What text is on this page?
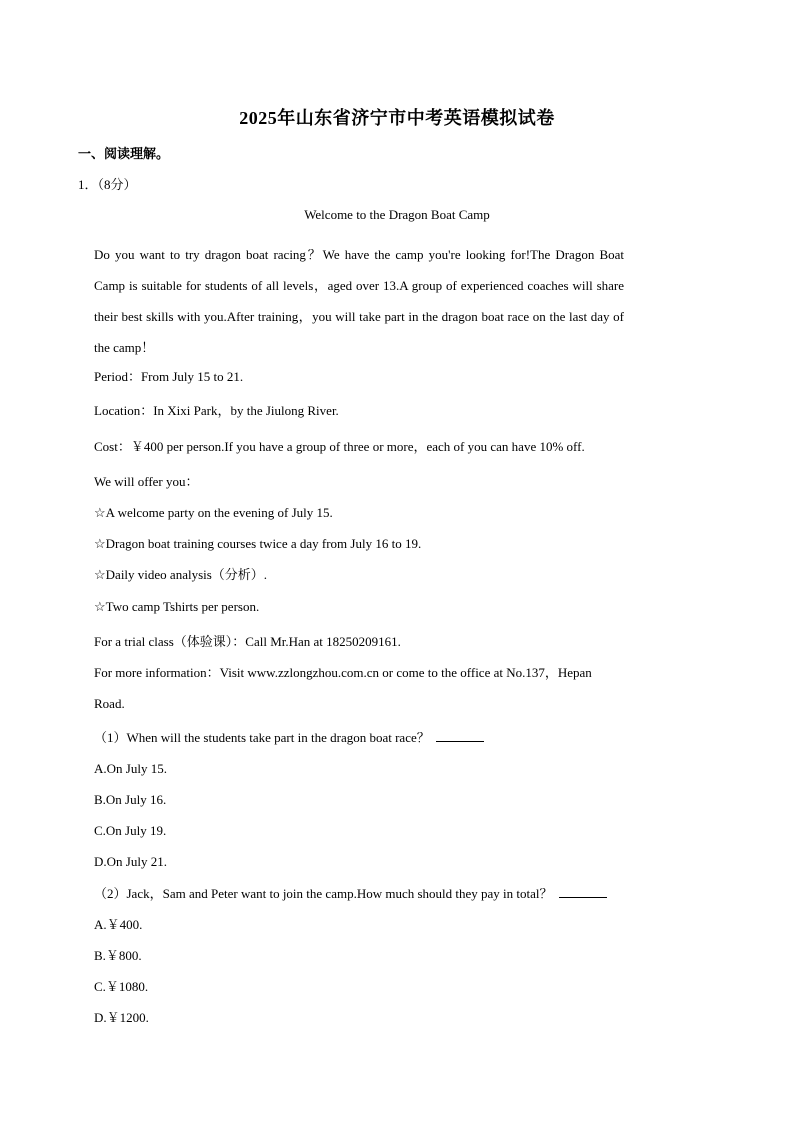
2025年山东省济宁市中考英语模拟试卷
一、阅读理解。
1．（8分）
Welcome to the Dragon Boat Camp
Do you want to try dragon boat racing？We have the camp you're looking for!The Dragon Boat Camp is suitable for students of all levels，aged over 13.A group of experienced coaches will share their best skills with you.After training，you will take part in the dragon boat race on the last day of the camp！
Period：From July 15 to 21.
Location：In Xixi Park，by the Jiulong River.
Cost：￥400 per person.If you have a group of three or more，each of you can have 10% off.
We will offer you：
☆A welcome party on the evening of July 15.
☆Dragon boat training courses twice a day from July 16 to 19.
☆Daily video analysis（分析）.
☆Two camp Tshirts per person.
For a trial class（体验课）：Call Mr.Han at 18250209161.
For more information：Visit www.zzlongzhou.com.cn or come to the office at No.137，Hepan
Road.
（1）When will the students take part in the dragon boat race？
A.On July 15.
B.On July 16.
C.On July 19.
D.On July 21.
（2）Jack，Sam and Peter want to join the camp.How much should they pay in total？
A.￥400.
B.￥800.
C.￥1080.
D.￥1200.
